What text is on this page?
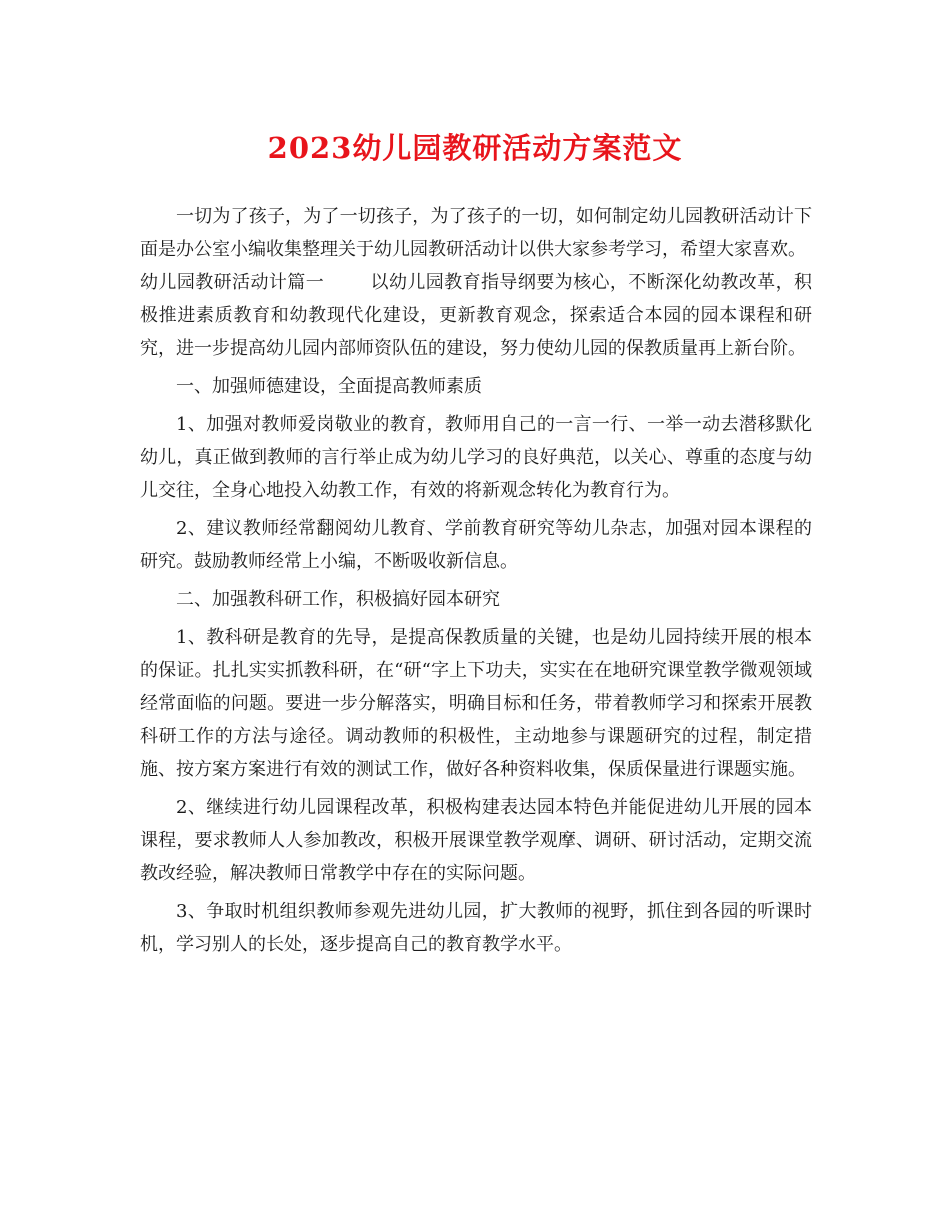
2023幼儿园教研活动方案范文

一切为了孩子，为了一切孩子，为了孩子的一切，如何制定幼儿园教研活动计下面是办公室小编收集整理关于幼儿园教研活动计以供大家参考学习，希望大家喜欢。

幼儿园教研活动计篇一	以幼儿园教育指导纲要为核心，不断深化幼教改革，积极推进素质教育和幼教现代化建设，更新教育观念，探索适合本园的园本课程和研究，进一步提高幼儿园内部师资队伍的建设，努力使幼儿园的保教质量再上新台阶。

一、加强师德建设，全面提高教师素质

1、加强对教师爱岗敬业的教育，教师用自己的一言一行、一举一动去潜移默化幼儿，真正做到教师的言行举止成为幼儿学习的良好典范，以关心、尊重的态度与幼儿交往，全身心地投入幼教工作，有效的将新观念转化为教育行为。

2、建议教师经常翻阅幼儿教育、学前教育研究等幼儿杂志，加强对园本课程的研究。鼓励教师经常上小编，不断吸收新信息。

二、加强教科研工作，积极搞好园本研究

1、教科研是教育的先导，是提高保教质量的关键，也是幼儿园持续开展的根本的保证。扎扎实实抓教科研，在“研“字上下功夫，实实在在地研究课堂教学微观领域经常面临的问题。要进一步分解落实，明确目标和任务，带着教师学习和探索开展教科研工作的方法与途径。调动教师的积极性，主动地参与课题研究的过程，制定措施、按方案方案进行有效的测试工作，做好各种资料收集，保质保量进行课题实施。

2、继续进行幼儿园课程改革，积极构建表达园本特色并能促进幼儿开展的园本课程，要求教师人人参加教改，积极开展课堂教学观摩、调研、研讨活动，定期交流教改经验，解决教师日常教学中存在的实际问题。

3、争取时机组织教师参观先进幼儿园，扩大教师的视野，抓住到各园的听课时机，学习别人的长处，逐步提高自己的教育教学水平。
